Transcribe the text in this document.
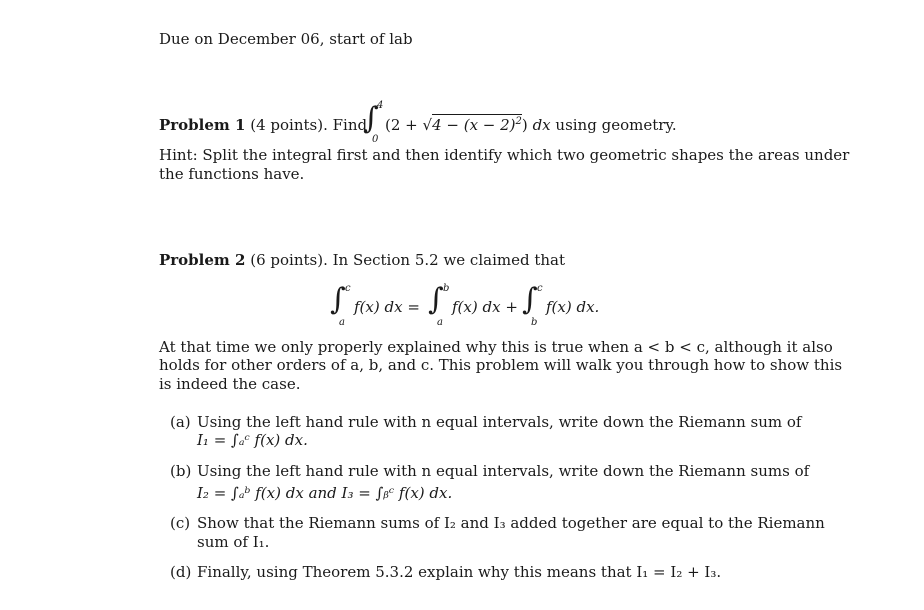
Due on December 06, start of lab
Problem 1 (4 points). Find
∫
4
0
$(2 + √4 - (x - 2)^2)$ dx using geometry.
Hint: Split the integral first and then identify which two geometric shapes the areas under
the functions have.
Problem 2 (6 points). In Section 5.2 we claimed that
∫ c
a
f(x) dx = ∫ b
a
f(x) dx + ∫ c
b
f(x) dx.
At that time we only properly explained why this is true when a < b < c, although it also
holds for other orders of a, b, and c. This problem will walk you through how to show this
is indeed the case.
(a) Using the left hand rule with n equal intervals, write down the Riemann sum of
I₁ = ∫ₐᶜ f(x) dx.
(b) Using the left hand rule with n equal intervals, write down the Riemann sums of
I₂ = ∫ₐᵇ f(x) dx and I₃ = ∫ᵦᶜ f(x) dx.
(c) Show that the Riemann sums of I₂ and I₃ added together are equal to the Riemann
sum of I₁.
(d) Finally, using Theorem 5.3.2 explain why this means that I₁ = I₂ + I₃.
